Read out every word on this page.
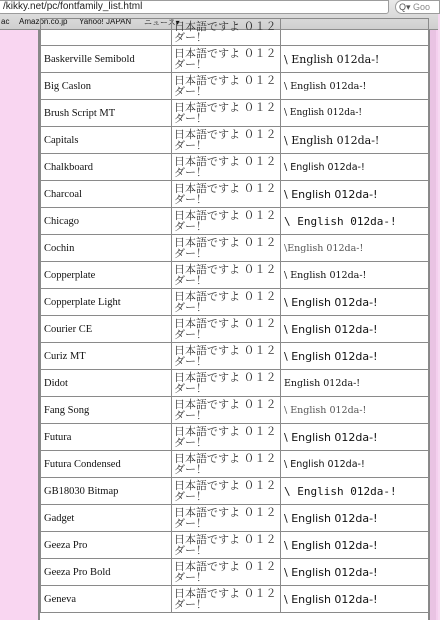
/kikky.net/pc/fontfamily_list.html	Q▾ Goo
ac Amazon.co.jp Yahoo! JAPAN ニュース▾
	日本語ですよ ０１２ ダー！	
Baskerville Semibold	日本語ですよ ０１２ ダー！	\ English 012da-!
Big Caslon	日本語ですよ ０１２ ダー！	\ English 012da-!
Brush Script MT	日本語ですよ ０１２ ダー！	\ English 012da-!
Capitals	日本語ですよ ０１２ ダー！	\ English 012da-!
Chalkboard	日本語ですよ ０１２ ダー！	\ English 012da-!
Charcoal	日本語ですよ ０１２ ダー！	\ English 012da-!
Chicago	日本語ですよ ０１２ ダー！	\ English 012da-!
Cochin	日本語ですよ ０１２ ダー！	\English 012da-!
Copperplate	日本語ですよ ０１２ ダー！	\ English 012da-!
Copperplate Light	日本語ですよ ０１２ ダー！	\ English 012da-!
Courier CE	日本語ですよ ０１２ ダー！	\ English 012da-!
Curiz MT	日本語ですよ ０１２ ダー！	\ English 012da-!
Didot	日本語ですよ ０１２ ダー！	English 012da-!
Fang Song	日本語ですよ ０１２ ダー！	\ English 012da-!
Futura	日本語ですよ ０１２ ダー！	\ English 012da-!
Futura Condensed	日本語ですよ ０１２ ダー！	\ English 012da-!
GB18030 Bitmap	日本語ですよ ０１２ ダー！	\ English 012da-!
Gadget	日本語ですよ ０１２ ダー！	\ English 012da-!
Geeza Pro	日本語ですよ ０１２ ダー！	\ English 012da-!
Geeza Pro Bold	日本語ですよ ０１２ ダー！	\ English 012da-!
Geneva	日本語ですよ ０１２ ダー！	\ English 012da-!
